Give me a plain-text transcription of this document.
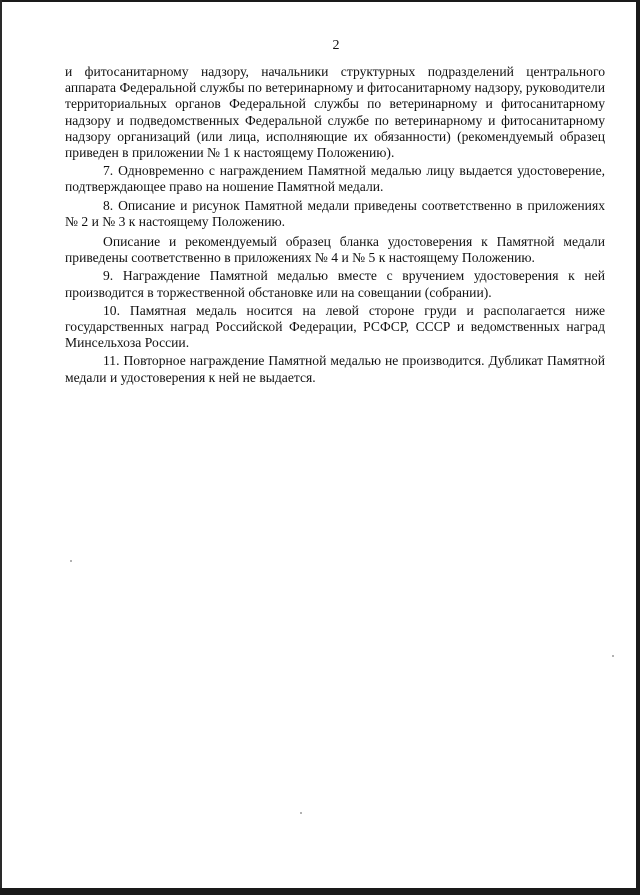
2

и фитосанитарному надзору, начальники структурных подразделений центрального аппарата Федеральной службы по ветеринарному и фитосанитарному надзору, руководители территориальных органов Федеральной службы по ветеринарному и фитосанитарному надзору и подведомственных Федеральной службе по ветеринарному и фитосанитарному надзору организаций (или лица, исполняющие их обязанности) (рекомендуемый образец приведен в приложении № 1 к настоящему Положению).

7. Одновременно с награждением Памятной медалью лицу выдается удостоверение, подтверждающее право на ношение Памятной медали.

8. Описание и рисунок Памятной медали приведены соответственно в приложениях № 2 и № 3 к настоящему Положению.

Описание и рекомендуемый образец бланка удостоверения к Памятной медали приведены соответственно в приложениях № 4 и № 5 к настоящему Положению.

9. Награждение Памятной медалью вместе с вручением удостоверения к ней производится в торжественной обстановке или на совещании (собрании).

10. Памятная медаль носится на левой стороне груди и располагается ниже государственных наград Российской Федерации, РСФСР, СССР и ведомственных наград Минсельхоза России.

11. Повторное награждение Памятной медалью не производится. Дубликат Памятной медали и удостоверения к ней не выдается.
